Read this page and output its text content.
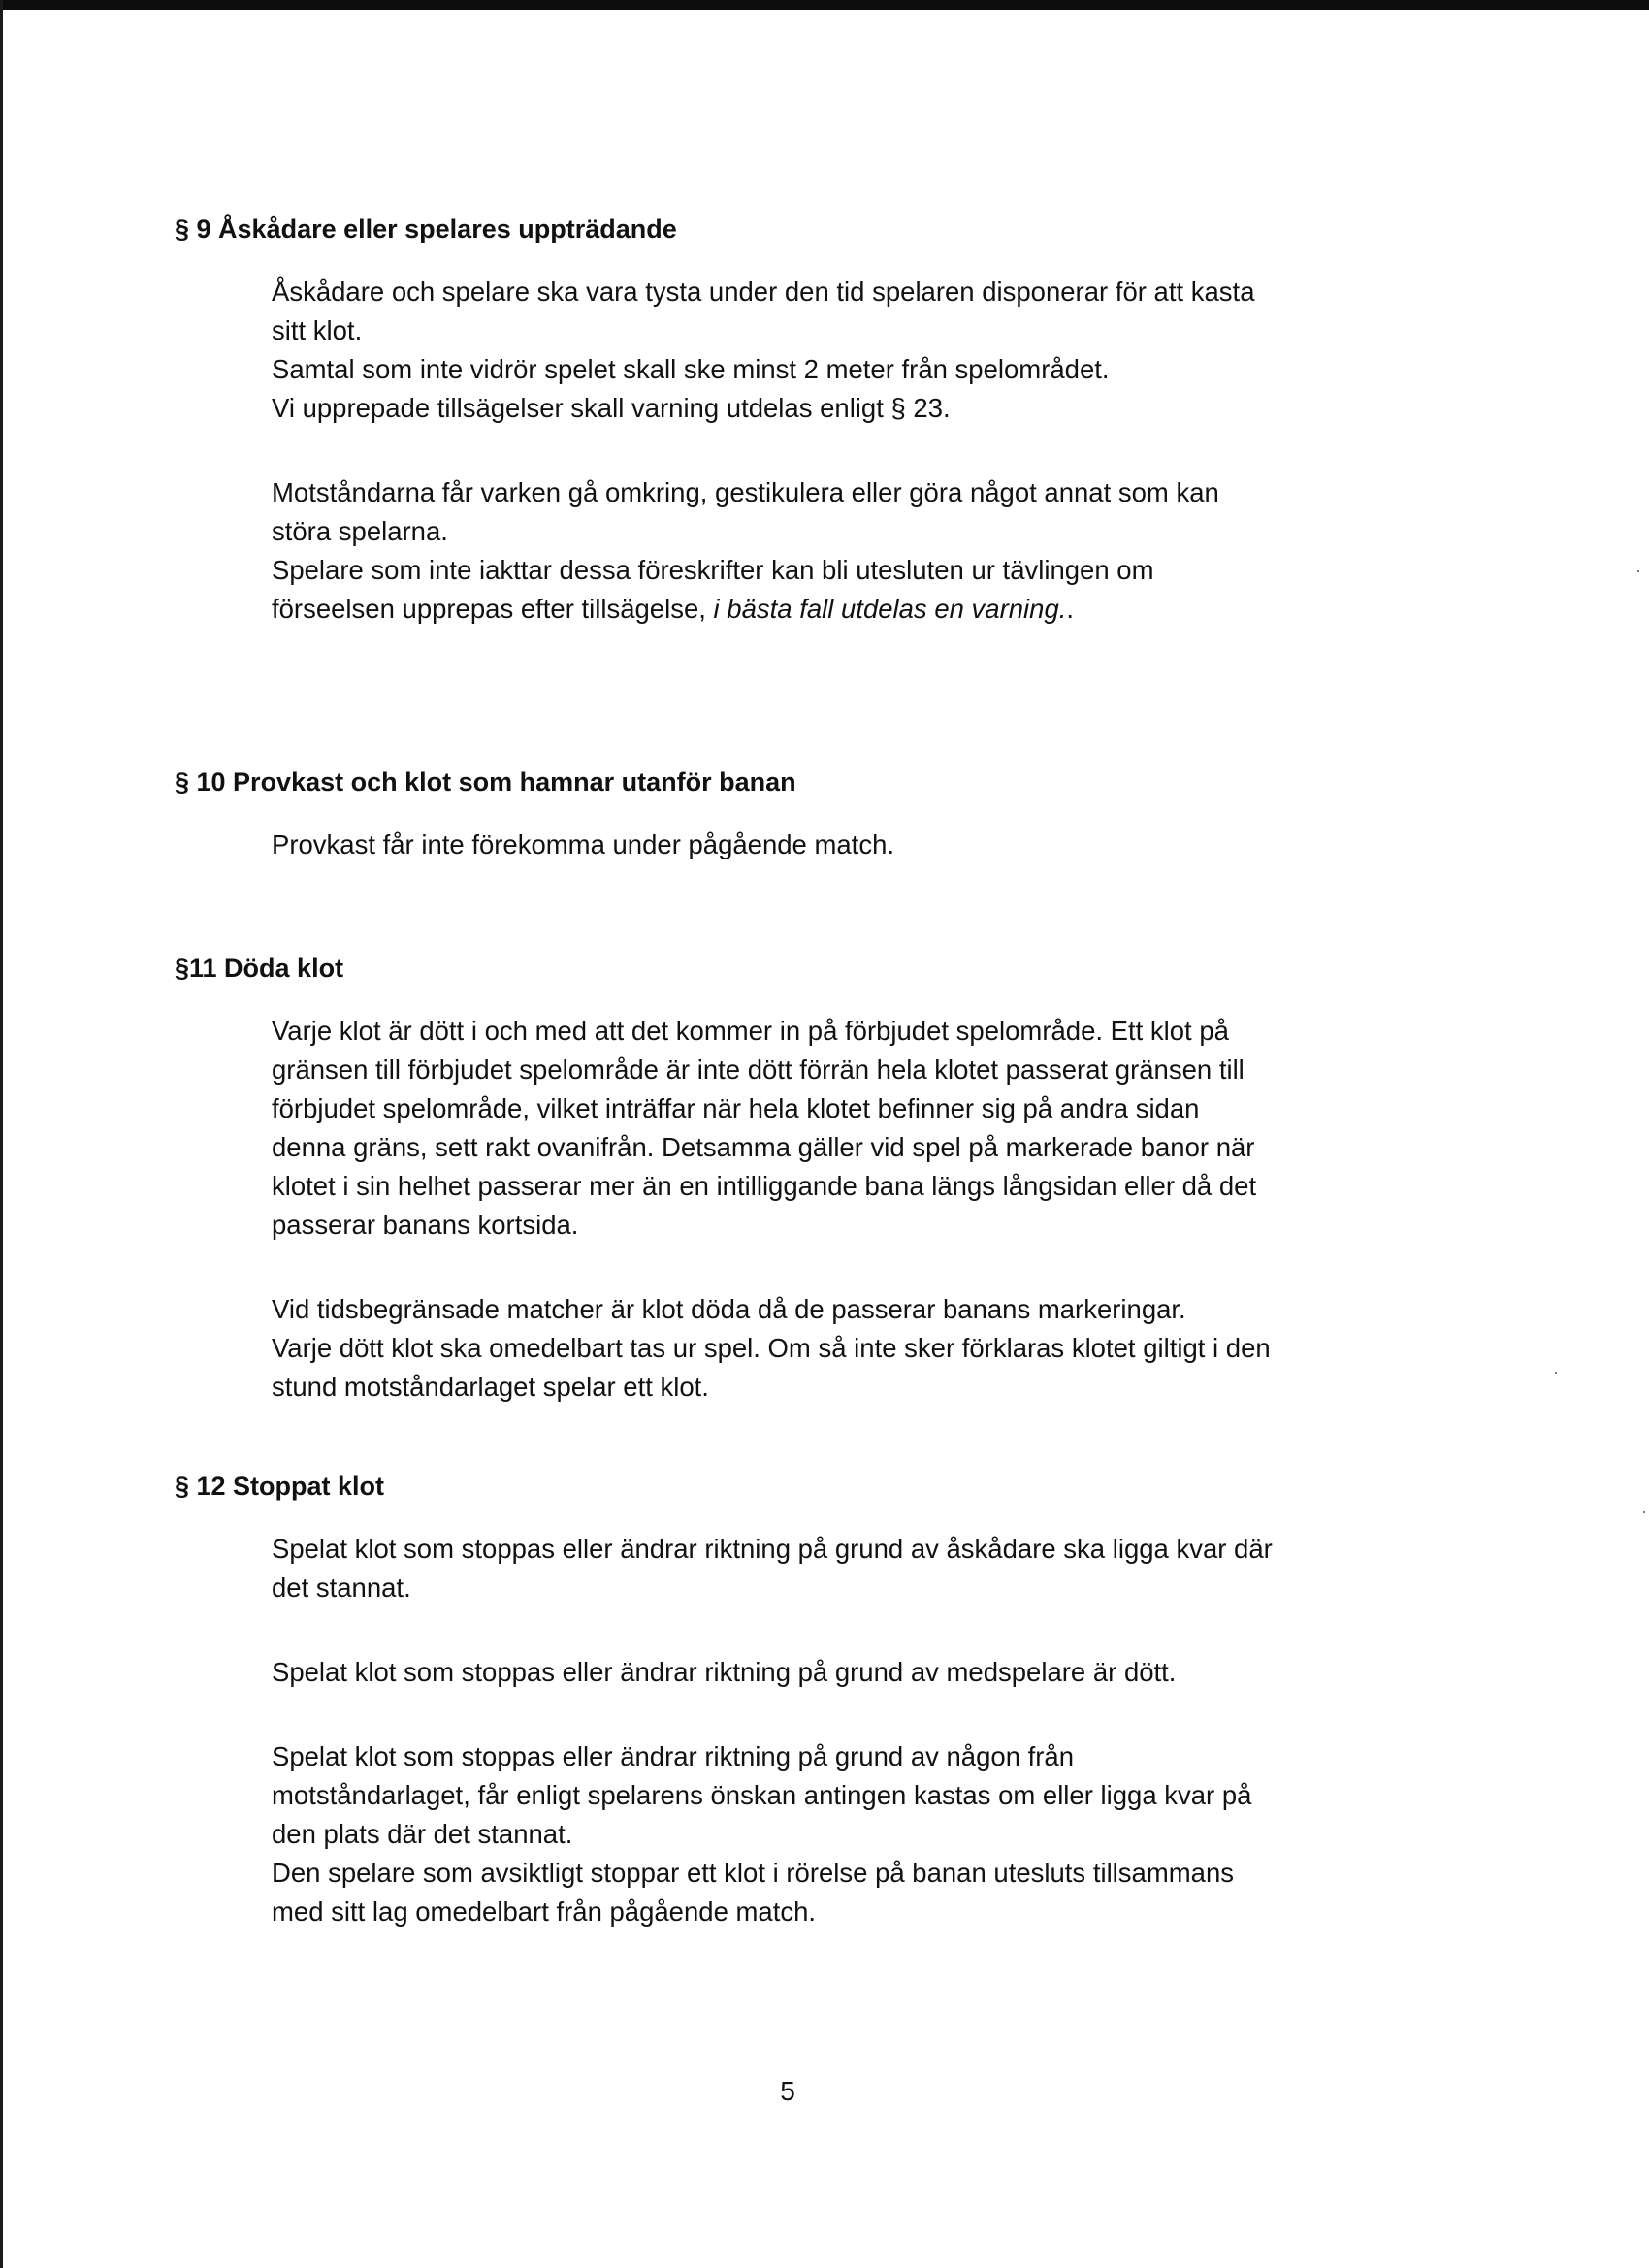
§ 9 Åskådare eller spelares uppträdande

Åskådare och spelare ska vara tysta under den tid spelaren disponerar för att kasta

sitt klot.

Samtal som inte vidrör spelet skall ske minst 2 meter från spelområdet.

Vi upprepade tillsägelser skall varning utdelas enligt § 23.

Motståndarna får varken gå omkring, gestikulera eller göra något annat som kan

störa spelarna.

Spelare som inte iakttar dessa föreskrifter kan bli utesluten ur tävlingen om

förseelsen upprepas efter tillsägelse, i bästa fall utdelas en varning..

§ 10 Provkast och klot som hamnar utanför banan

Provkast får inte förekomma under pågående match.

§11 Döda klot

Varje klot är dött i och med att det kommer in på förbjudet spelområde. Ett klot på

gränsen till förbjudet spelområde är inte dött förrän hela klotet passerat gränsen till

förbjudet spelområde, vilket inträffar när hela klotet befinner sig på andra sidan

denna gräns, sett rakt ovanifrån. Detsamma gäller vid spel på markerade banor när

klotet i sin helhet passerar mer än en intilliggande bana längs långsidan eller då det

passerar banans kortsida.

Vid tidsbegränsade matcher är klot döda då de passerar banans markeringar.

Varje dött klot ska omedelbart tas ur spel. Om så inte sker förklaras klotet giltigt i den

stund motståndarlaget spelar ett klot.

§ 12 Stoppat klot

Spelat klot som stoppas eller ändrar riktning på grund av åskådare ska ligga kvar där

det stannat.

Spelat klot som stoppas eller ändrar riktning på grund av medspelare är dött.

Spelat klot som stoppas eller ändrar riktning på grund av någon från

motståndarlaget, får enligt spelarens önskan antingen kastas om eller ligga kvar på

den plats där det stannat.

Den spelare som avsiktligt stoppar ett klot i rörelse på banan utesluts tillsammans

med sitt lag omedelbart från pågående match.

5
